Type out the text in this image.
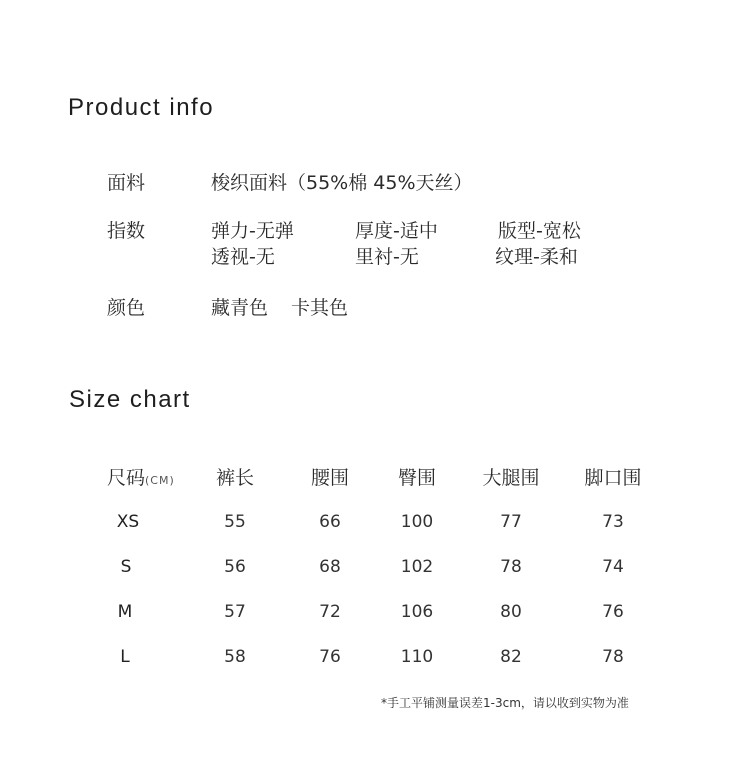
Product info
面料	梭织面料（55%棉 45%天丝）
指数	弹力-无弹	厚度-适中	版型-宽松
透视-无	里衬-无	纹理-柔和
颜色	藏青色 卡其色
Size chart
尺码(CM)	裤长	腰围	臀围	大腿围	脚口围
XS	55	66	100	77	73
S	56	68	102	78	74
M	57	72	106	80	76
L	58	76	110	82	78
*手工平铺测量误差1-3cm，请以收到实物为准
